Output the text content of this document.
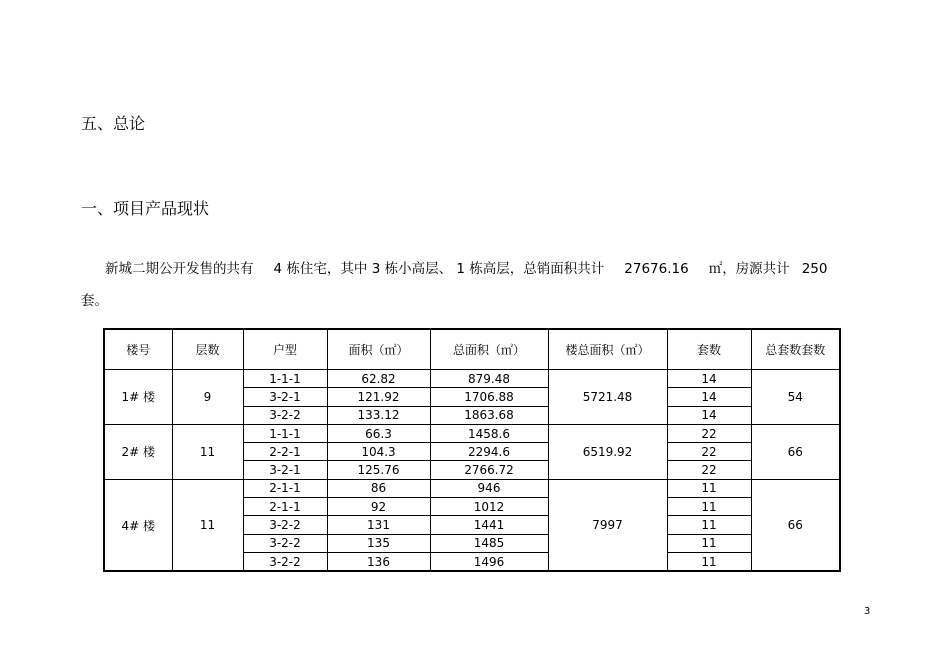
五、总论
一、项目产品现状
新城二期公开发售的共有 4 栋住宅，其中 3 栋小高层、 1 栋高层，总销面积共计 27676.16 ㎡，房源共计 250
套。
楼号	层数	户型	面积（㎡）	总面积（㎡）	楼总面积（㎡）	套数	总套数套数
1# 楼	9	1-1-1	62.82	879.48	5721.48	14	54
		3-2-1	121.92	1706.88		14	
		3-2-2	133.12	1863.68		14	
2# 楼	11	1-1-1	66.3	1458.6	6519.92	22	66
		2-2-1	104.3	2294.6		22	
		3-2-1	125.76	2766.72		22	
4# 楼	11	2-1-1	86	946	7997	11	66
		2-1-1	92	1012		11	
		3-2-2	131	1441		11	
		3-2-2	135	1485		11	
		3-2-2	136	1496		11	
3
